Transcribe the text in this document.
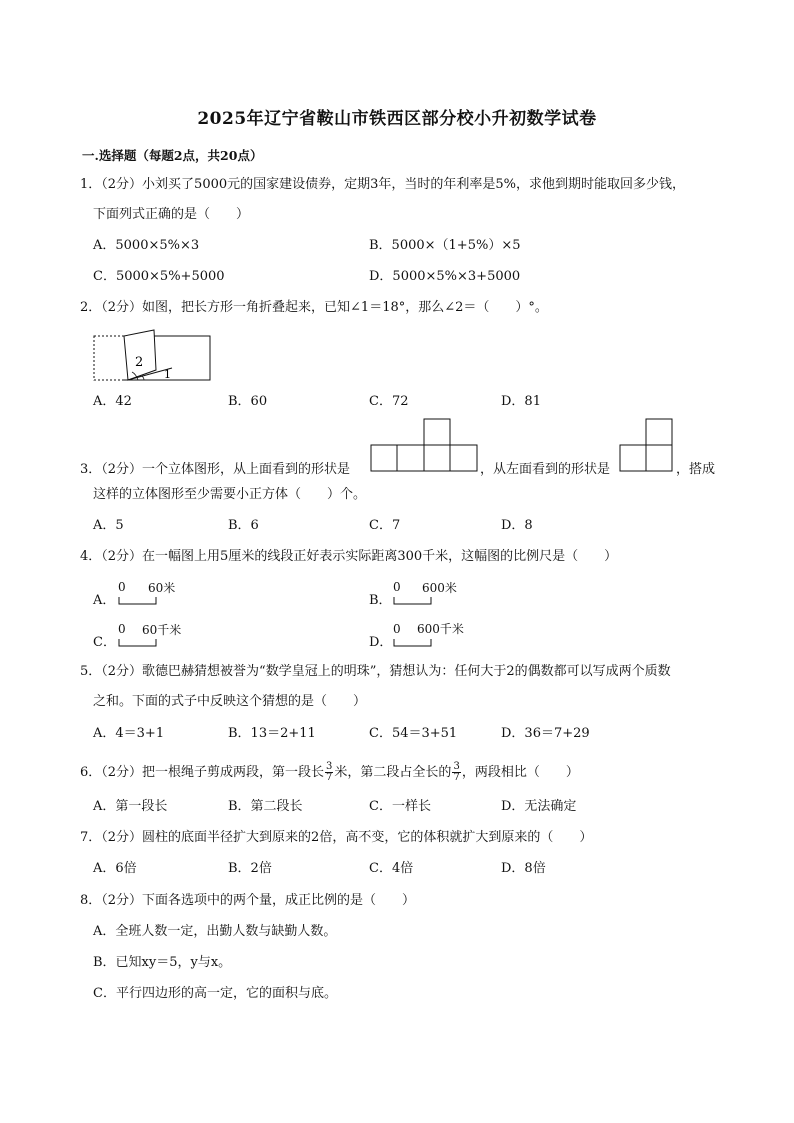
2025年辽宁省鞍山市铁西区部分校小升初数学试卷
一.选择题（每题2点，共20点）
1．（2分）小刘买了5000元的国家建设债券，定期3年，当时的年利率是5%，求他到期时能取回多少钱，
下面列式正确的是（　　）
A．5000×5%×3	B．5000×（1+5%）×5
C．5000×5%+5000	D．5000×5%×3+5000
2．（2分）如图，把长方形一角折叠起来，已知∠1＝18°，那么∠2＝（　　）°。
2
1
A．42	B．60	C．72	D．81
3．（2分）一个立体图形，从上面看到的形状是	，从左面看到的形状是	，搭成
这样的立体图形至少需要小正方体（　　）个。
A．5	B．6	C．7	D．8
4．（2分）在一幅图上用5厘米的线段正好表示实际距离300千米，这幅图的比例尺是（　　）
A．
0 60米
B．
0 600米
C．
0 60千米
D．
0 600千米
5．（2分）歌德巴赫猜想被誉为“数学皇冠上的明珠”，猜想认为：任何大于2的偶数都可以写成两个质数
之和。下面的式子中反映这个猜想的是（　　）
A．4＝3+1	B．13＝2+11	C．54＝3+51	D．36＝7+29
6．（2分）把一根绳子剪成两段，第一段长 $\frac{3}{7}$ 米，第二段占全长的 $\frac{3}{7}$ ，两段相比（　　）
A．第一段长	B．第二段长	C．一样长	D．无法确定
7．（2分）圆柱的底面半径扩大到原来的2倍，高不变，它的体积就扩大到原来的（　　）
A．6倍	B．2倍	C．4倍	D．8倍
8．（2分）下面各选项中的两个量，成正比例的是（　　）
A．全班人数一定，出勤人数与缺勤人数。
B．已知xy＝5，y与x。
C．平行四边形的高一定，它的面积与底。
